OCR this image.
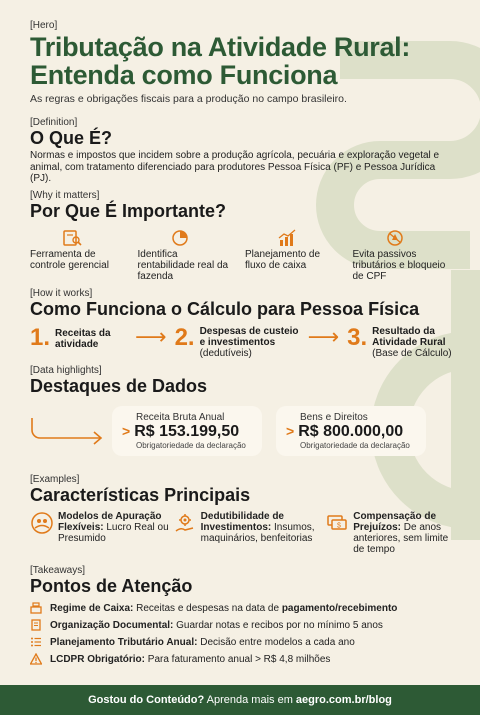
[Hero]
Tributação na Atividade Rural:
Entenda como Funciona
As regras e obrigações fiscais para a produção no campo brasileiro.
[Definition]
O Que É?
Normas e impostos que incidem sobre a produção agrícola, pecuária e exploração vegetal e animal, com tratamento diferenciado para produtores Pessoa Física (PF) e Pessoa Jurídica (PJ).
[Why it matters]
Por Que É Importante?
Ferramenta de controle gerencial
Identifica rentabilidade real da fazenda
Planejamento de fluxo de caixa
Evita passivos tributários e bloqueio de CPF
[How it works]
Como Funciona o Cálculo para Pessoa Física
1. Receitas da atividade	⟶ 2. Despesas de custeio e investimentos
(dedutíveis)
⟶ 3. Resultado da Atividade Rural
(Base de Cálculo)
[Data highlights]
Destaques de Dados
Receita Bruta Anual
> R$ 153.199,50
Obrigatoriedade da declaração
Bens e Direitos
> R$ 800.000,00
Obrigatoriedade da declaração
[Examples]
Características Principais
Modelos de Apuração Flexíveis: Lucro Real ou Presumido
Dedutibilidade de Investimentos: Insumos, maquinários, benfeitorias
$
Compensação de Prejuízos: De anos anteriores, sem limite de tempo
[Takeaways]
Pontos de Atenção
Regime de Caixa: Receitas e despesas na data de pagamento/recebimento
Organização Documental: Guardar notas e recibos por no mínimo 5 anos
Planejamento Tributário Anual: Decisão entre modelos a cada ano
LCDPR Obrigatório: Para faturamento anual > R$ 4,8 milhões
Gostou do Conteúdo? Aprenda mais em aegro.com.br/blog
